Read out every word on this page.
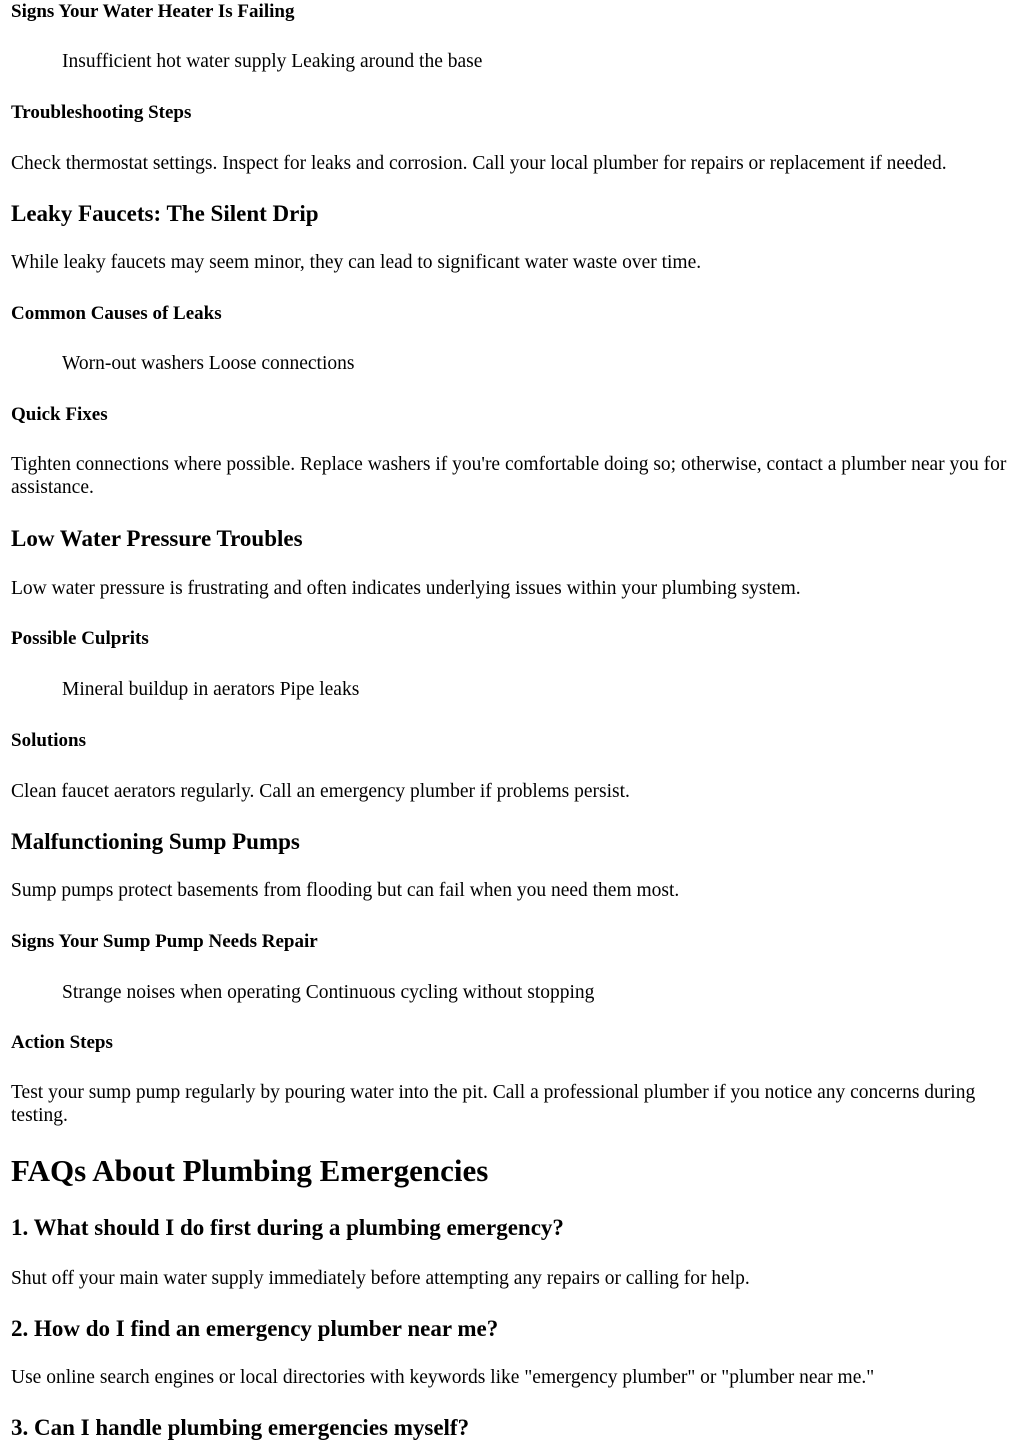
Signs Your Water Heater Is Failing
Insufficient hot water supply Leaking around the base
Troubleshooting Steps

Check thermostat settings. Inspect for leaks and corrosion. Call your local plumber for repairs or replacement if needed.

Leaky Faucets: The Silent Drip

While leaky faucets may seem minor, they can lead to significant water waste over time.

Common Causes of Leaks
Worn-out washers Loose connections
Quick Fixes

Tighten connections where possible. Replace washers if you're comfortable doing so; otherwise, contact a plumber near you for assistance.

Low Water Pressure Troubles

Low water pressure is frustrating and often indicates underlying issues within your plumbing system.

Possible Culprits
Mineral buildup in aerators Pipe leaks
Solutions

Clean faucet aerators regularly. Call an emergency plumber if problems persist.

Malfunctioning Sump Pumps

Sump pumps protect basements from flooding but can fail when you need them most.

Signs Your Sump Pump Needs Repair
Strange noises when operating Continuous cycling without stopping
Action Steps

Test your sump pump regularly by pouring water into the pit. Call a professional plumber if you notice any concerns during testing.

FAQs About Plumbing Emergencies
1. What should I do first during a plumbing emergency?

Shut off your main water supply immediately before attempting any repairs or calling for help.

2. How do I find an emergency plumber near me?

Use online search engines or local directories with keywords like "emergency plumber" or "plumber near me."

3. Can I handle plumbing emergencies myself?
